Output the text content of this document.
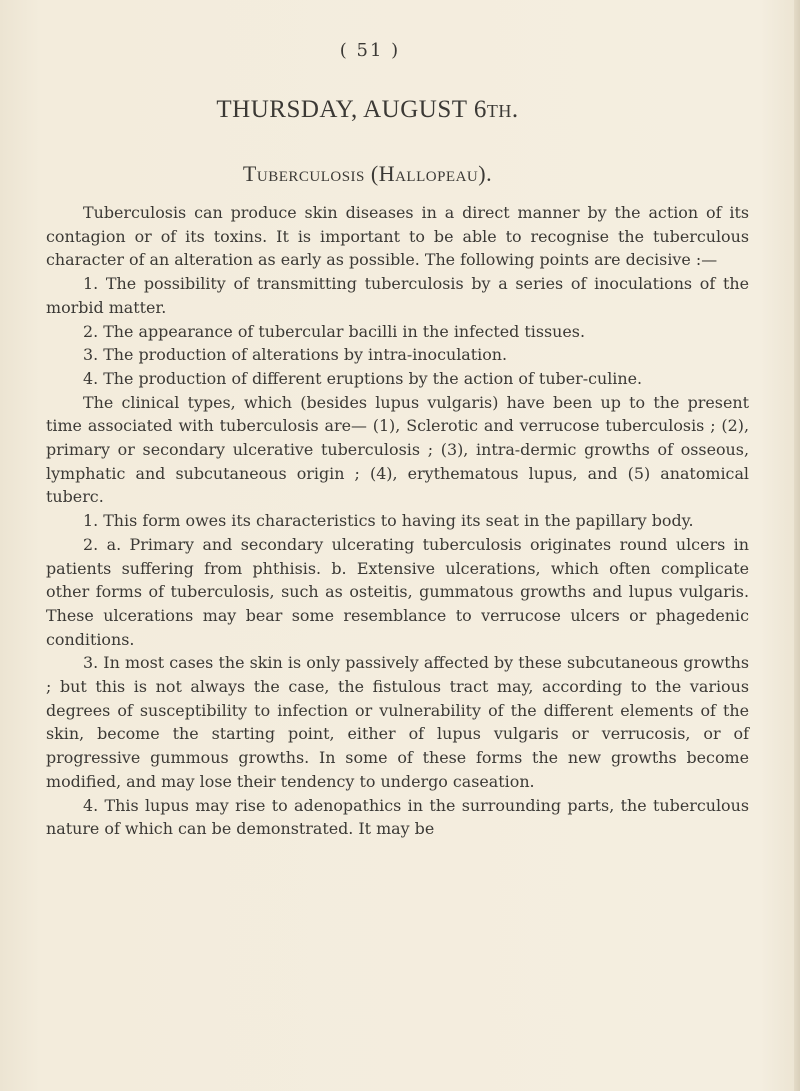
( 51 )
THURSDAY, AUGUST 6th.
Tuberculosis (Hallopeau).

Tuberculosis can produce skin diseases in a direct manner by the action of its contagion or of its toxins. It is important to be able to recognise the tuberculous character of an alteration as early as possible. The following points are decisive :—

1. The possibility of transmitting tuberculosis by a series of inoculations of the morbid matter.

2. The appearance of tubercular bacilli in the infected tissues.

3. The production of alterations by intra-inoculation.

4. The production of different eruptions by the action of tuber-culine.

The clinical types, which (besides lupus vulgaris) have been up to the present time associated with tuberculosis are— (1), Sclerotic and verrucose tuberculosis ; (2), primary or secondary ulcerative tuberculosis ; (3), intra-dermic growths of osseous, lymphatic and subcutaneous origin ; (4), erythematous lupus, and (5) anatomical tuberc.

1. This form owes its characteristics to having its seat in the papillary body.

2. a. Primary and secondary ulcerating tuberculosis originates round ulcers in patients suffering from phthisis. b. Extensive ulcerations, which often complicate other forms of tuberculosis, such as osteitis, gummatous growths and lupus vulgaris. These ulcerations may bear some resemblance to verrucose ulcers or phagedenic conditions.

3. In most cases the skin is only passively affected by these subcutaneous growths ; but this is not always the case, the fistulous tract may, according to the various degrees of susceptibility to infection or vulnerability of the different elements of the skin, become the starting point, either of lupus vulgaris or verrucosis, or of progressive gummous growths. In some of these forms the new growths become modified, and may lose their tendency to undergo caseation.

4. This lupus may rise to adenopathics in the surrounding parts, the tuberculous nature of which can be demonstrated. It may be
